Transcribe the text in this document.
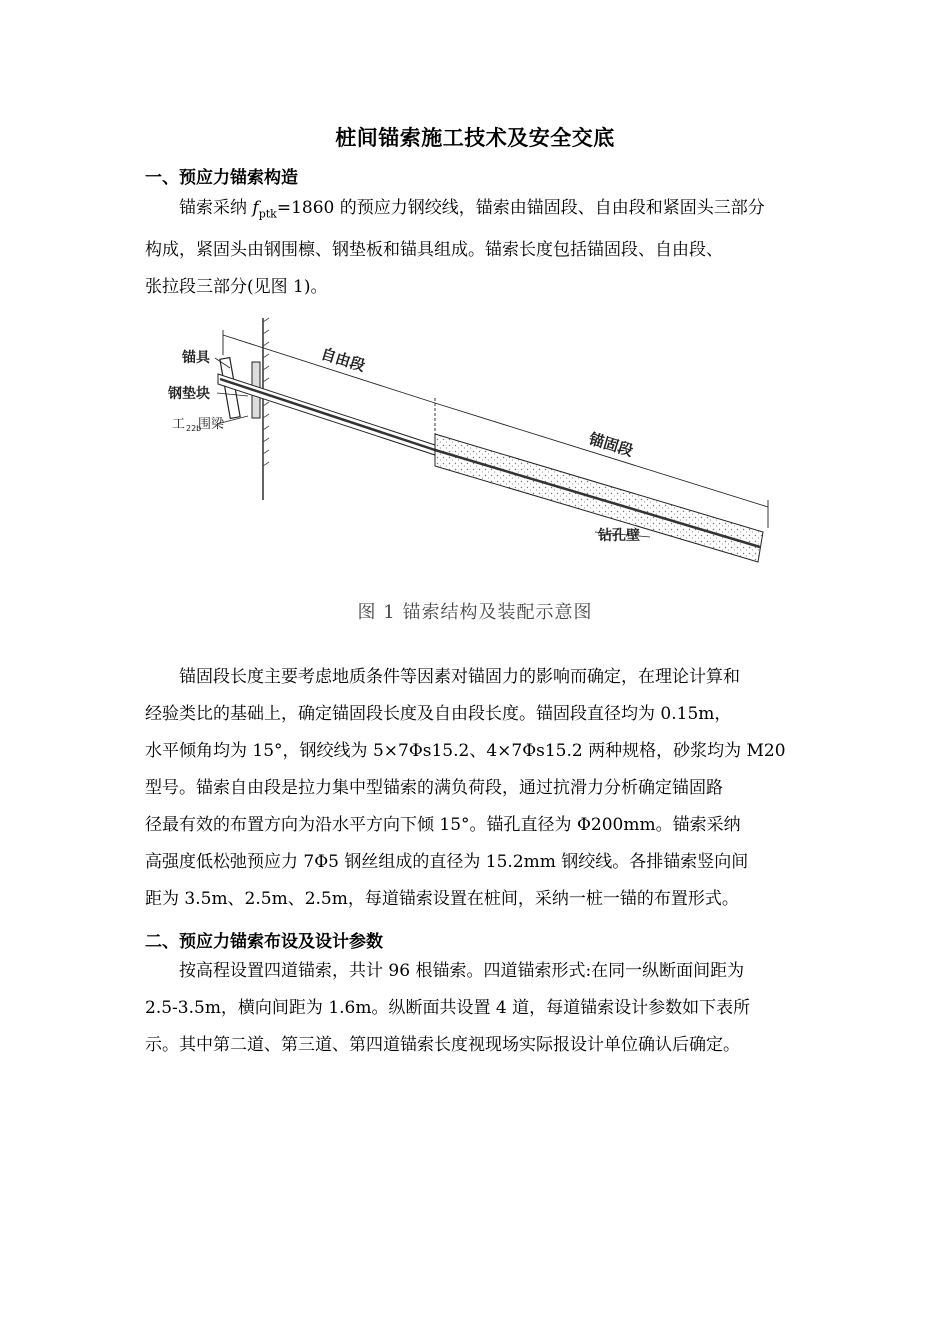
桩间锚索施工技术及安全交底
一、预应力锚索构造
锚索采纳 $f_{ptk}=1860$ 的预应力钢绞线，锚索由锚固段、自由段和紧固头三部分
构成，紧固头由钢围檩、钢垫板和锚具组成。锚索长度包括锚固段、自由段、
张拉段三部分(见图 1)。
锚具
钢垫块
工 22b
围梁
自由段
锚固段
钻孔壁
图 1 锚索结构及装配示意图
锚固段长度主要考虑地质条件等因素对锚固力的影响而确定，在理论计算和
经验类比的基础上，确定锚固段长度及自由段长度。锚固段直径均为 0.15m，
水平倾角均为 15°，钢绞线为 5×7Φs15.2、4×7Φs15.2 两种规格，砂浆均为 M20
型号。锚索自由段是拉力集中型锚索的满负荷段，通过抗滑力分析确定锚固路
径最有效的布置方向为沿水平方向下倾 15°。锚孔直径为 Φ200mm。锚索采纳
高强度低松弛预应力 7Φ5 钢丝组成的直径为 15.2mm 钢绞线。各排锚索竖向间
距为 3.5m、2.5m、2.5m，每道锚索设置在桩间，采纳一桩一锚的布置形式。
二、预应力锚索布设及设计参数
按高程设置四道锚索，共计 96 根锚索。四道锚索形式:在同一纵断面间距为
2.5-3.5m，横向间距为 1.6m。纵断面共设置 4 道，每道锚索设计参数如下表所
示。其中第二道、第三道、第四道锚索长度视现场实际报设计单位确认后确定。
